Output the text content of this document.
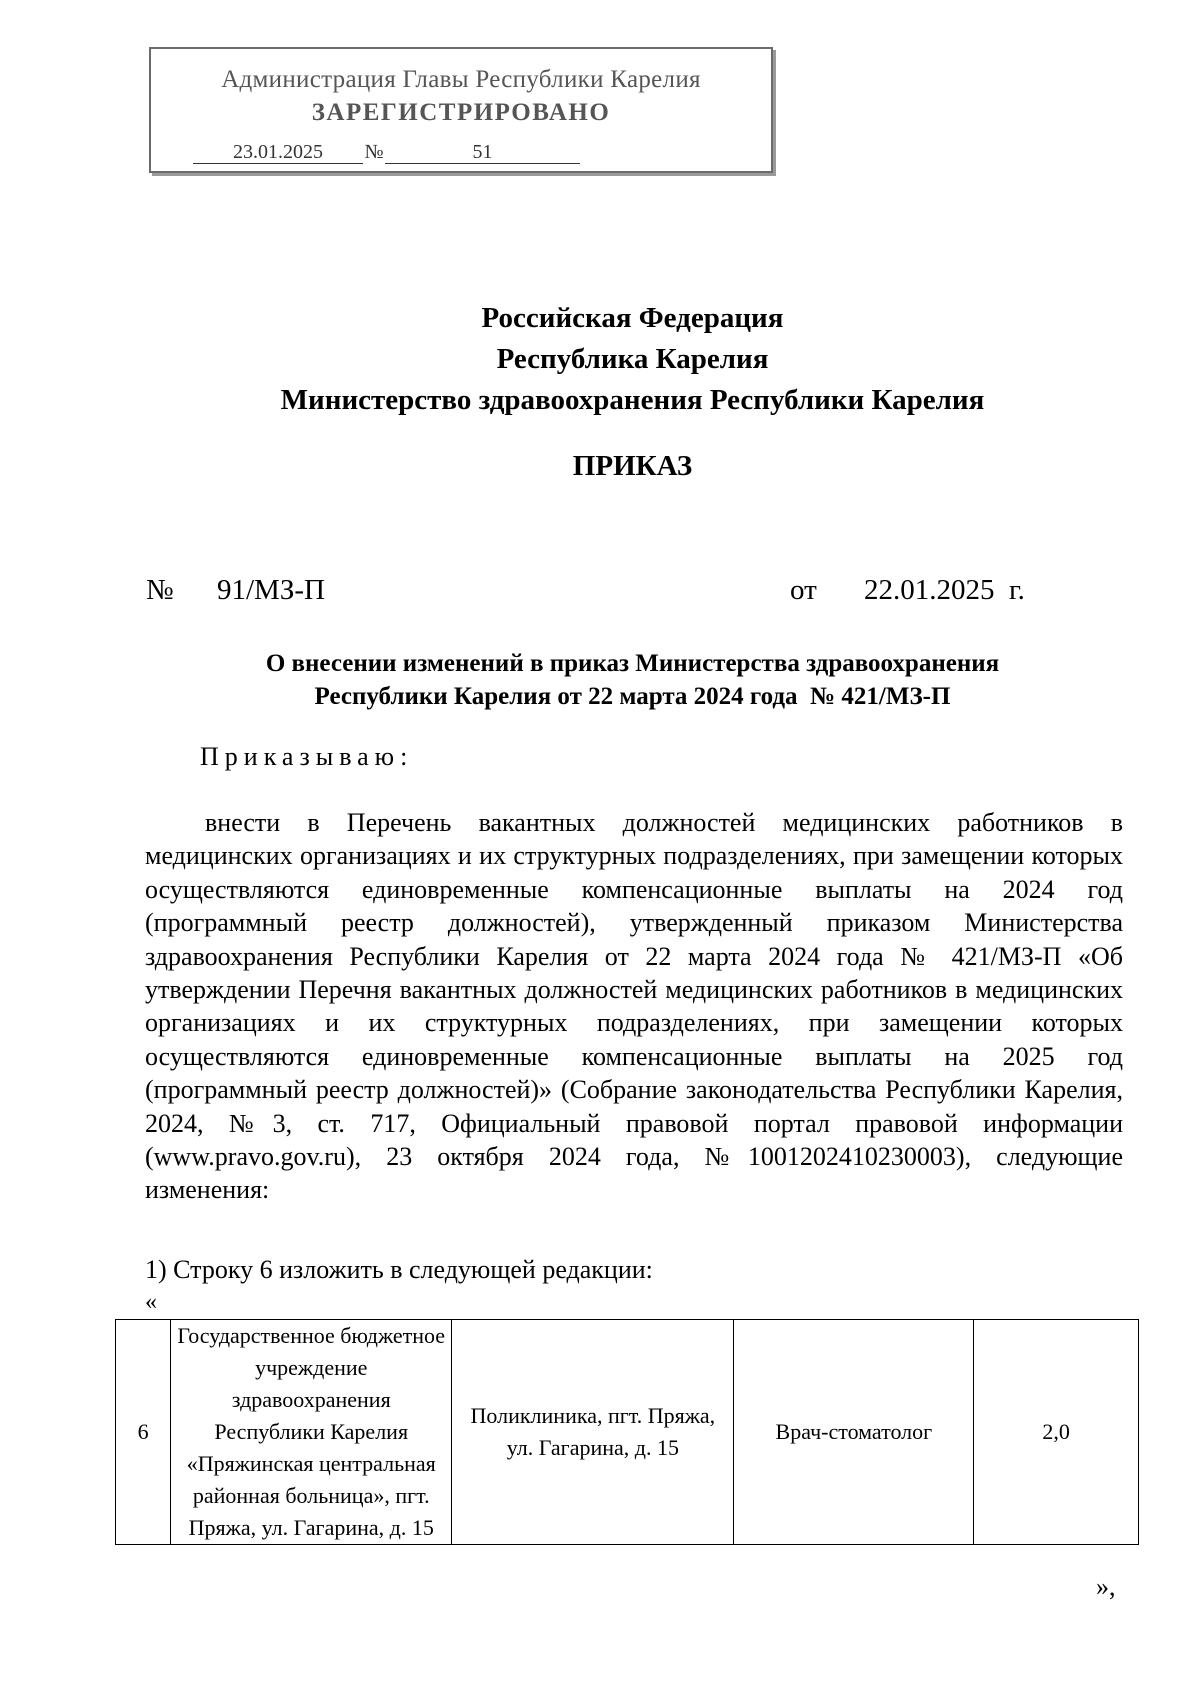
Администрация Главы Республики Карелия
ЗАРЕГИСТРИРОВАНО
23.01.2025 №	51
Российская Федерация
Республика Карелия
Министерство здравоохранения Республики Карелия
ПРИКАЗ
№ 91/МЗ-П	от 22.01.2025  г.
О внесении изменений в приказ Министерства здравоохранения
Республики Карелия от 22 марта 2024 года  № 421/МЗ-П
Приказываю:

внести в Перечень вакантных должностей медицинских работников в медицинских организациях и их структурных подразделениях, при замещении которых осуществляются единовременные компенсационные выплаты на 2024 год (программный реестр должностей), утвержденный приказом Министерства здравоохранения Республики Карелия от 22 марта 2024 года № 421/МЗ-П «Об утверждении Перечня вакантных должностей медицинских работников в медицинских организациях и их структурных подразделениях, при замещении которых осуществляются единовременные компенсационные выплаты на 2025 год (программный реестр должностей)» (Собрание законодательства Республики Карелия, 2024, №3, ст. 717, Официальный правовой портал правовой информации (www.pravo.gov.ru), 23 октября 2024 года, №1001202410230003), следующие изменения:

1) Строку 6 изложить в следующей редакции:
«
6	Государственное бюджетное учреждение здравоохранения Республики Карелия «Пряжинская центральная районная больница», пгт. Пряжа, ул. Гагарина, д. 15	Поликлиника, пгт. Пряжа, ул. Гагарина, д. 15	Врач-стоматолог	2,0
»,
